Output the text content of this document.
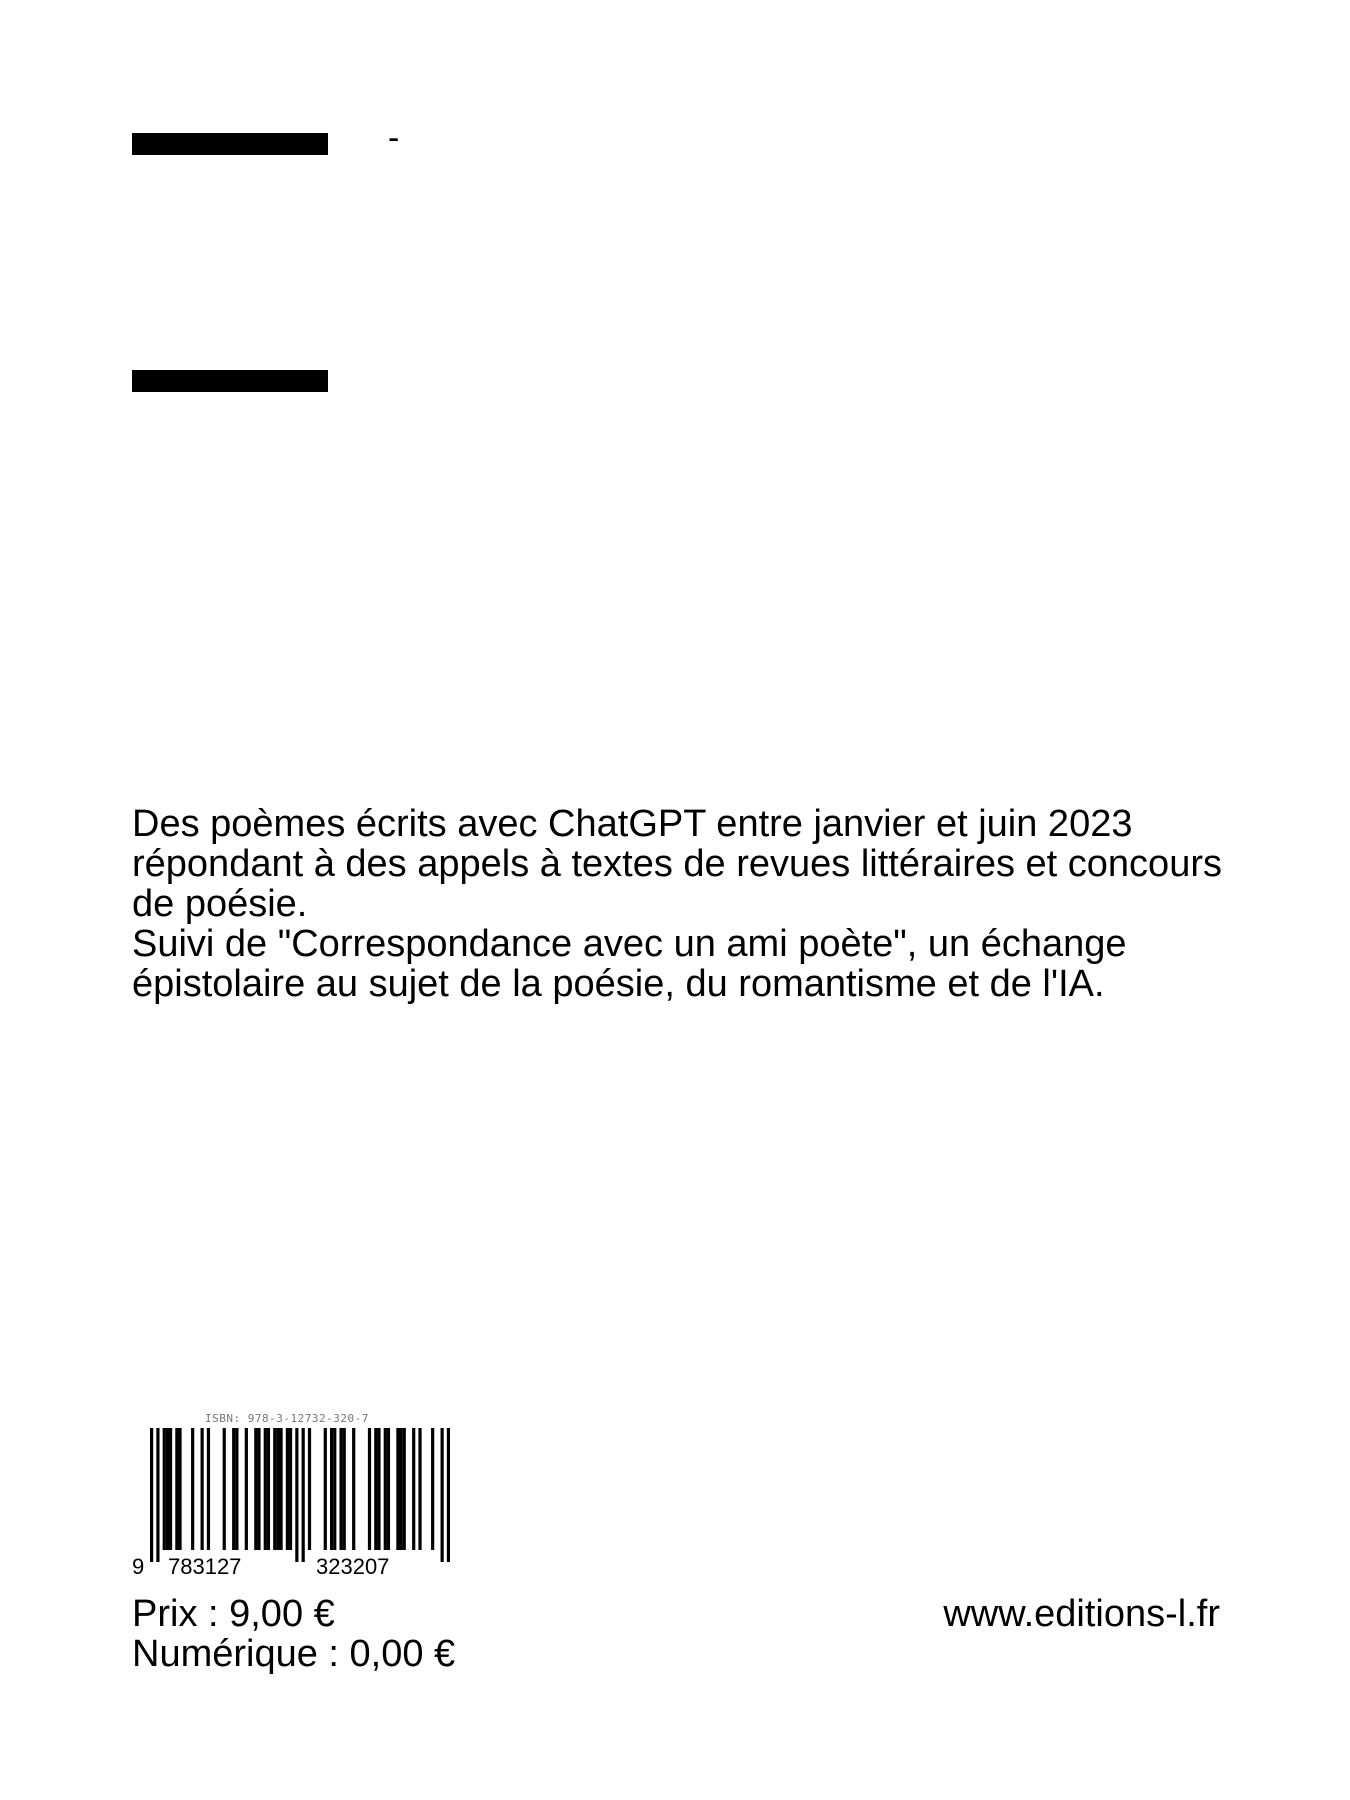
-

Des poèmes écrits avec ChatGPT entre janvier et juin 2023 répondant à des appels à textes de revues littéraires et concours de poésie.

Suivi de "Correspondance avec un ami poète", un échange épistolaire au sujet de la poésie, du romantisme et de l'IA.

ISBN: 978-3-12732-320-7
9 783127	323207
Prix : 9,00 €
Numérique : 0,00 €
www.editions-l.fr
